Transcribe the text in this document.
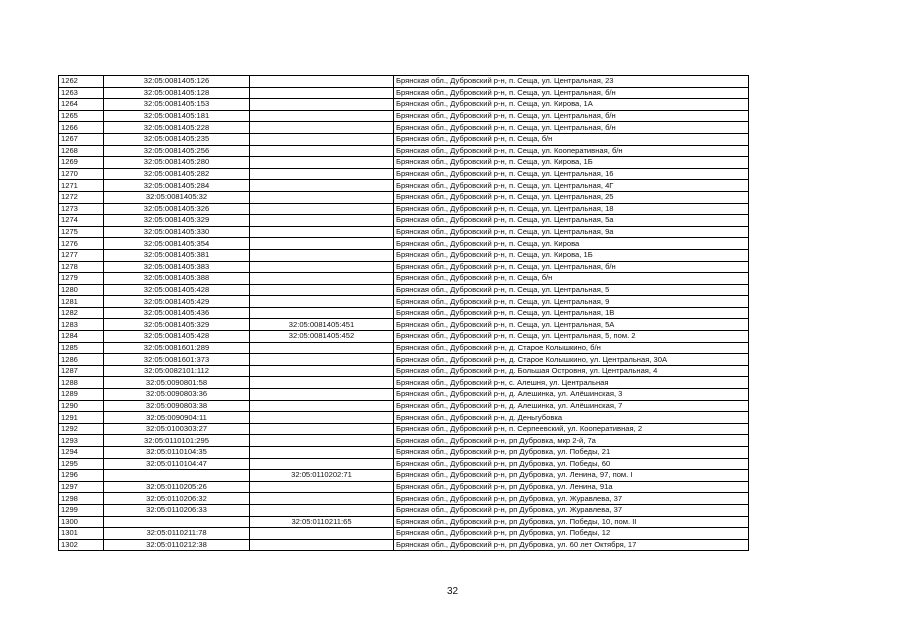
1262	32:05:0081405:126		Брянская обл., Дубровский р-н, п. Сеща, ул. Центральная, 23
1263	32:05:0081405:128		Брянская обл., Дубровский р-н, п. Сеща, ул. Центральная, б/н
1264	32:05:0081405:153		Брянская обл., Дубровский р-н, п. Сеща, ул. Кирова, 1А
1265	32:05:0081405:181		Брянская обл., Дубровский р-н, п. Сеща, ул. Центральная, б/н
1266	32:05:0081405:228		Брянская обл., Дубровский р-н, п. Сеща, ул. Центральная, б/н
1267	32:05:0081405:235		Брянская обл., Дубровский р-н, п. Сеща, б/н
1268	32:05:0081405:256		Брянская обл., Дубровский р-н, п. Сеща, ул. Кооперативная, б/н
1269	32:05:0081405:280		Брянская обл., Дубровский р-н, п. Сеща, ул. Кирова, 1Б
1270	32:05:0081405:282		Брянская обл., Дубровский р-н, п. Сеща, ул. Центральная, 16
1271	32:05:0081405:284		Брянская обл., Дубровский р-н, п. Сеща, ул. Центральная, 4Г
1272	32:05:0081405:32		Брянская обл., Дубровский р-н, п. Сеща, ул. Центральная, 25
1273	32:05:0081405:326		Брянская обл., Дубровский р-н, п. Сеща, ул. Центральная, 18
1274	32:05:0081405:329		Брянская обл., Дубровский р-н, п. Сеща, ул. Центральная, 5а
1275	32:05:0081405:330		Брянская обл., Дубровский р-н, п. Сеща, ул. Центральная, 9а
1276	32:05:0081405:354		Брянская обл., Дубровский р-н, п. Сеща, ул. Кирова
1277	32:05:0081405:381		Брянская обл., Дубровский р-н, п. Сеща, ул. Кирова, 1Б
1278	32:05:0081405:383		Брянская обл., Дубровский р-н, п. Сеща, ул. Центральная, б/н
1279	32:05:0081405:388		Брянская обл., Дубровский р-н, п. Сеща, б/н
1280	32:05:0081405:428		Брянская обл., Дубровский р-н, п. Сеща, ул. Центральная, 5
1281	32:05:0081405:429		Брянская обл., Дубровский р-н, п. Сеща, ул. Центральная, 9
1282	32:05:0081405:436		Брянская обл., Дубровский р-н, п. Сеща, ул. Центральная, 1В
1283	32:05:0081405:329	32:05:0081405:451	Брянская обл., Дубровский р-н, п. Сеща, ул. Центральная, 5А
1284	32:05:0081405:428	32:05:0081405:452	Брянская обл., Дубровский р-н, п. Сеща, ул. Центральная, 5, пом. 2
1285	32:05:0081601:289		Брянская обл., Дубровский р-н, д. Старое Колышкино, б/н
1286	32:05:0081601:373		Брянская обл., Дубровский р-н, д. Старое Колышкино, ул. Центральная, 30А
1287	32:05:0082101:112		Брянская обл., Дубровский р-н, д. Большая Островня, ул. Центральная, 4
1288	32:05:0090801:58		Брянская обл., Дубровский р-н, с. Алешня, ул. Центральная
1289	32:05:0090803:36		Брянская обл., Дубровский р-н, д. Алешинка, ул. Алёшинская, 3
1290	32:05:0090803:38		Брянская обл., Дубровский р-н, д. Алешинка, ул. Алёшинская, 7
1291	32:05:0090904:11		Брянская обл., Дубровский р-н, д. Деньгубовка
1292	32:05:0100303:27		Брянская обл., Дубровский р-н, п. Серпеевский, ул. Кооперативная, 2
1293	32:05:0110101:295		Брянская обл., Дубровский р-н, рп Дубровка, мкр 2-й, 7а
1294	32:05:0110104:35		Брянская обл., Дубровский р-н, рп Дубровка, ул. Победы, 21
1295	32:05:0110104:47		Брянская обл., Дубровский р-н, рп Дубровка, ул. Победы, 60
1296		32:05:0110202:71	Брянская обл., Дубровский р-н, рп Дубровка, ул. Ленина, 97, пом. I
1297	32:05:0110205:26		Брянская обл., Дубровский р-н, рп Дубровка, ул. Ленина, 91а
1298	32:05:0110206:32		Брянская обл., Дубровский р-н, рп Дубровка, ул. Журавлева, 37
1299	32:05:0110206:33		Брянская обл., Дубровский р-н, рп Дубровка, ул. Журавлева, 37
1300		32:05:0110211:65	Брянская обл., Дубровский р-н, рп Дубровка, ул. Победы, 10, пом. II
1301	32:05:0110211:78		Брянская обл., Дубровский р-н, рп Дубровка, ул. Победы, 12
1302	32:05:0110212:38		Брянская обл., Дубровский р-н, рп Дубровка, ул. 60 лет Октября, 17
32
